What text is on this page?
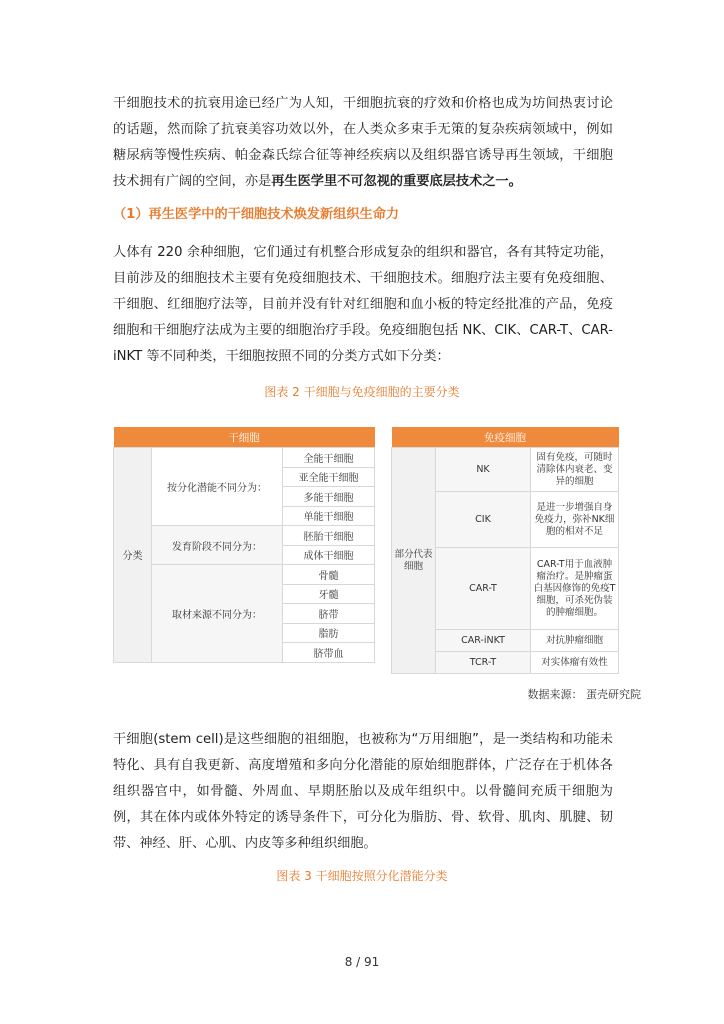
干细胞技术的抗衰用途已经广为人知，干细胞抗衰的疗效和价格也成为坊间热衷讨论的话题，然而除了抗衰美容功效以外，在人类众多束手无策的复杂疾病领域中，例如糖尿病等慢性疾病、帕金森氏综合征等神经疾病以及组织器官诱导再生领域，干细胞技术拥有广阔的空间，亦是再生医学里不可忽视的重要底层技术之一。

（1）再生医学中的干细胞技术焕发新组织生命力

人体有 220 余种细胞，它们通过有机整合形成复杂的组织和器官，各有其特定功能，目前涉及的细胞技术主要有免疫细胞技术、干细胞技术。细胞疗法主要有免疫细胞、干细胞、红细胞疗法等，目前并没有针对红细胞和血小板的特定经批准的产品，免疫细胞和干细胞疗法成为主要的细胞治疗手段。免疫细胞包括 NK、CIK、CAR-T、CAR-iNKT 等不同种类，干细胞按照不同的分类方式如下分类：

图表 2 干细胞与免疫细胞的主要分类

干细胞		
分类	按分化潜能不同分为：	全能干细胞
		亚全能干细胞
		多能干细胞
		单能干细胞
	发育阶段不同分为：	胚胎干细胞
		成体干细胞
	取材来源不同分为：	骨髓
		牙髓
		脐带
		脂肪
		脐带血
免疫细胞		
部分代表细胞	NK	固有免疫，可随时清除体内衰老、变异的细胞
	CIK	是进一步增强自身免疫力，弥补NK细胞的相对不足
	CAR-T	CAR-T用于血液肿瘤治疗。是肿瘤蛋白基因修饰的免疫T细胞，可杀死伪装的肿瘤细胞。
	CAR-iNKT	对抗肿瘤细胞
	TCR-T	对实体瘤有效性
数据来源： 蛋壳研究院

干细胞(stem cell)是这些细胞的祖细胞，也被称为“万用细胞”，是一类结构和功能未特化、具有自我更新、高度增殖和多向分化潜能的原始细胞群体，广泛存在于机体各组织器官中，如骨髓、外周血、早期胚胎以及成年组织中。以骨髓间充质干细胞为例，其在体内或体外特定的诱导条件下，可分化为脂肪、骨、软骨、肌肉、肌腱、韧带、神经、肝、心肌、内皮等多种组织细胞。

图表 3 干细胞按照分化潜能分类

8 / 91
